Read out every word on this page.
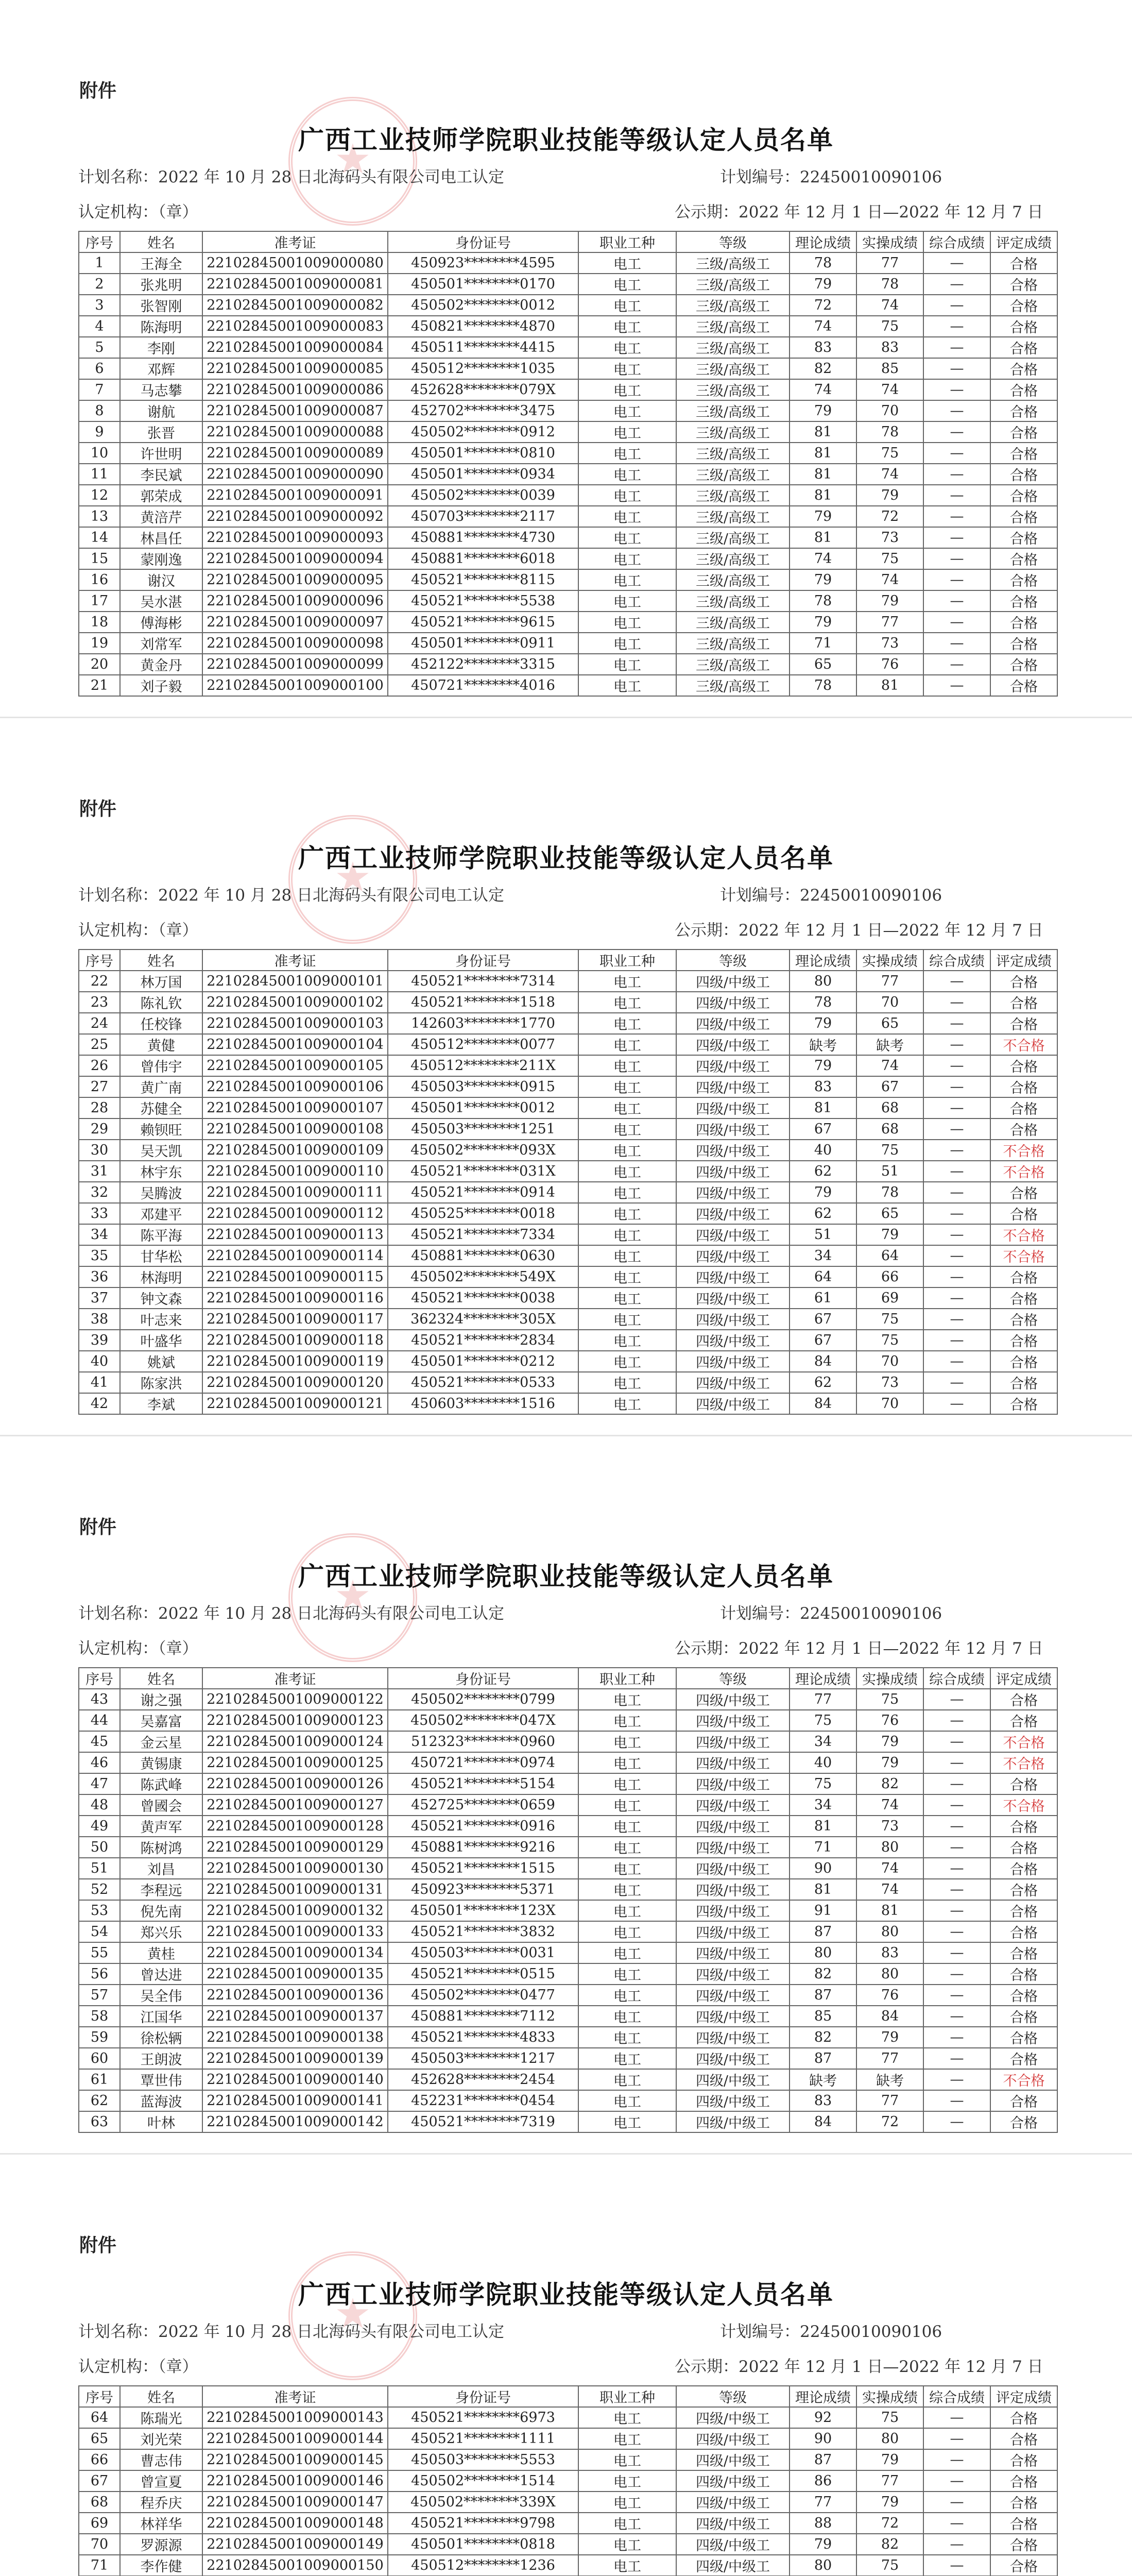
★
附件
广西工业技师学院职业技能等级认定人员名单
计划名称：2022 年 10 月 28 日北海码头有限公司电工认定	计划编号：22450010090106
认定机构：（章）	公示期：2022 年 12 月 1 日—2022 年 12 月 7 日
序号	姓名	准考证	身份证号	职业工种	等级	理论成绩	实操成绩	综合成绩	评定成绩
1	王海全	22102845001009000080	450923********4595	电工	三级/高级工	78	77	—	合格
2	张兆明	22102845001009000081	450501********0170	电工	三级/高级工	79	78	—	合格
3	张智刚	22102845001009000082	450502********0012	电工	三级/高级工	72	74	—	合格
4	陈海明	22102845001009000083	450821********4870	电工	三级/高级工	74	75	—	合格
5	李刚	22102845001009000084	450511********4415	电工	三级/高级工	83	83	—	合格
6	邓辉	22102845001009000085	450512********1035	电工	三级/高级工	82	85	—	合格
7	马志攀	22102845001009000086	452628********079X	电工	三级/高级工	74	74	—	合格
8	谢航	22102845001009000087	452702********3475	电工	三级/高级工	79	70	—	合格
9	张晋	22102845001009000088	450502********0912	电工	三级/高级工	81	78	—	合格
10	许世明	22102845001009000089	450501********0810	电工	三级/高级工	81	75	—	合格
11	李民斌	22102845001009000090	450501********0934	电工	三级/高级工	81	74	—	合格
12	郭荣成	22102845001009000091	450502********0039	电工	三级/高级工	81	79	—	合格
13	黄涪芹	22102845001009000092	450703********2117	电工	三级/高级工	79	72	—	合格
14	林昌任	22102845001009000093	450881********4730	电工	三级/高级工	81	73	—	合格
15	蒙刚逸	22102845001009000094	450881********6018	电工	三级/高级工	74	75	—	合格
16	谢汉	22102845001009000095	450521********8115	电工	三级/高级工	79	74	—	合格
17	吴水湛	22102845001009000096	450521********5538	电工	三级/高级工	78	79	—	合格
18	傅海彬	22102845001009000097	450521********9615	电工	三级/高级工	79	77	—	合格
19	刘常军	22102845001009000098	450501********0911	电工	三级/高级工	71	73	—	合格
20	黄金丹	22102845001009000099	452122********3315	电工	三级/高级工	65	76	—	合格
21	刘子毅	22102845001009000100	450721********4016	电工	三级/高级工	78	81	—	合格
★
附件
广西工业技师学院职业技能等级认定人员名单
计划名称：2022 年 10 月 28 日北海码头有限公司电工认定	计划编号：22450010090106
认定机构：（章）	公示期：2022 年 12 月 1 日—2022 年 12 月 7 日
序号	姓名	准考证	身份证号	职业工种	等级	理论成绩	实操成绩	综合成绩	评定成绩
22	林万国	22102845001009000101	450521********7314	电工	四级/中级工	80	77	—	合格
23	陈礼钦	22102845001009000102	450521********1518	电工	四级/中级工	78	70	—	合格
24	任校锋	22102845001009000103	142603********1770	电工	四级/中级工	79	65	—	合格
25	黄健	22102845001009000104	450512********0077	电工	四级/中级工	缺考	缺考	—	不合格
26	曾伟宇	22102845001009000105	450512********211X	电工	四级/中级工	79	74	—	合格
27	黄广南	22102845001009000106	450503********0915	电工	四级/中级工	83	67	—	合格
28	苏健全	22102845001009000107	450501********0012	电工	四级/中级工	81	68	—	合格
29	赖钡旺	22102845001009000108	450503********1251	电工	四级/中级工	67	68	—	合格
30	吴天凯	22102845001009000109	450502********093X	电工	四级/中级工	40	75	—	不合格
31	林宇东	22102845001009000110	450521********031X	电工	四级/中级工	62	51	—	不合格
32	吴腾波	22102845001009000111	450521********0914	电工	四级/中级工	79	78	—	合格
33	邓建平	22102845001009000112	450525********0018	电工	四级/中级工	62	65	—	合格
34	陈平海	22102845001009000113	450521********7334	电工	四级/中级工	51	79	—	不合格
35	甘华松	22102845001009000114	450881********0630	电工	四级/中级工	34	64	—	不合格
36	林海明	22102845001009000115	450502********549X	电工	四级/中级工	64	66	—	合格
37	钟文森	22102845001009000116	450521********0038	电工	四级/中级工	61	69	—	合格
38	叶志来	22102845001009000117	362324********305X	电工	四级/中级工	67	75	—	合格
39	叶盛华	22102845001009000118	450521********2834	电工	四级/中级工	67	75	—	合格
40	姚斌	22102845001009000119	450501********0212	电工	四级/中级工	84	70	—	合格
41	陈家洪	22102845001009000120	450521********0533	电工	四级/中级工	62	73	—	合格
42	李斌	22102845001009000121	450603********1516	电工	四级/中级工	84	70	—	合格
★
附件
广西工业技师学院职业技能等级认定人员名单
计划名称：2022 年 10 月 28 日北海码头有限公司电工认定	计划编号：22450010090106
认定机构：（章）	公示期：2022 年 12 月 1 日—2022 年 12 月 7 日
序号	姓名	准考证	身份证号	职业工种	等级	理论成绩	实操成绩	综合成绩	评定成绩
43	谢之强	22102845001009000122	450502********0799	电工	四级/中级工	77	75	—	合格
44	吴嘉富	22102845001009000123	450502********047X	电工	四级/中级工	75	76	—	合格
45	金云星	22102845001009000124	512323********0960	电工	四级/中级工	34	79	—	不合格
46	黄锡康	22102845001009000125	450721********0974	电工	四级/中级工	40	79	—	不合格
47	陈武峰	22102845001009000126	450521********5154	电工	四级/中级工	75	82	—	合格
48	曾國会	22102845001009000127	452725********0659	电工	四级/中级工	34	74	—	不合格
49	黄声军	22102845001009000128	450521********0916	电工	四级/中级工	81	73	—	合格
50	陈树鸿	22102845001009000129	450881********9216	电工	四级/中级工	71	80	—	合格
51	刘昌	22102845001009000130	450521********1515	电工	四级/中级工	90	74	—	合格
52	李程远	22102845001009000131	450923********5371	电工	四级/中级工	81	74	—	合格
53	倪先南	22102845001009000132	450501********123X	电工	四级/中级工	91	81	—	合格
54	郑兴乐	22102845001009000133	450521********3832	电工	四级/中级工	87	80	—	合格
55	黄桂	22102845001009000134	450503********0031	电工	四级/中级工	80	83	—	合格
56	曾达进	22102845001009000135	450521********0515	电工	四级/中级工	82	80	—	合格
57	吴全伟	22102845001009000136	450502********0477	电工	四级/中级工	87	76	—	合格
58	江国华	22102845001009000137	450881********7112	电工	四级/中级工	85	84	—	合格
59	徐松辆	22102845001009000138	450521********4833	电工	四级/中级工	82	79	—	合格
60	王朗波	22102845001009000139	450503********1217	电工	四级/中级工	87	77	—	合格
61	覃世伟	22102845001009000140	452628********2454	电工	四级/中级工	缺考	缺考	—	不合格
62	蓝海波	22102845001009000141	452231********0454	电工	四级/中级工	83	77	—	合格
63	叶林	22102845001009000142	450521********7319	电工	四级/中级工	84	72	—	合格
★
附件
广西工业技师学院职业技能等级认定人员名单
计划名称：2022 年 10 月 28 日北海码头有限公司电工认定	计划编号：22450010090106
认定机构：（章）	公示期：2022 年 12 月 1 日—2022 年 12 月 7 日
序号	姓名	准考证	身份证号	职业工种	等级	理论成绩	实操成绩	综合成绩	评定成绩
64	陈瑞光	22102845001009000143	450521********6973	电工	四级/中级工	92	75	—	合格
65	刘光荣	22102845001009000144	450521********1111	电工	四级/中级工	90	80	—	合格
66	曹志伟	22102845001009000145	450503********5553	电工	四级/中级工	87	79	—	合格
67	曾宣夏	22102845001009000146	450502********1514	电工	四级/中级工	86	77	—	合格
68	程乔庆	22102845001009000147	450502********339X	电工	四级/中级工	77	79	—	合格
69	林祥华	22102845001009000148	450521********9798	电工	四级/中级工	88	72	—	合格
70	罗源源	22102845001009000149	450501********0818	电工	四级/中级工	79	82	—	合格
71	李作健	22102845001009000150	450512********1236	电工	四级/中级工	80	75	—	合格
